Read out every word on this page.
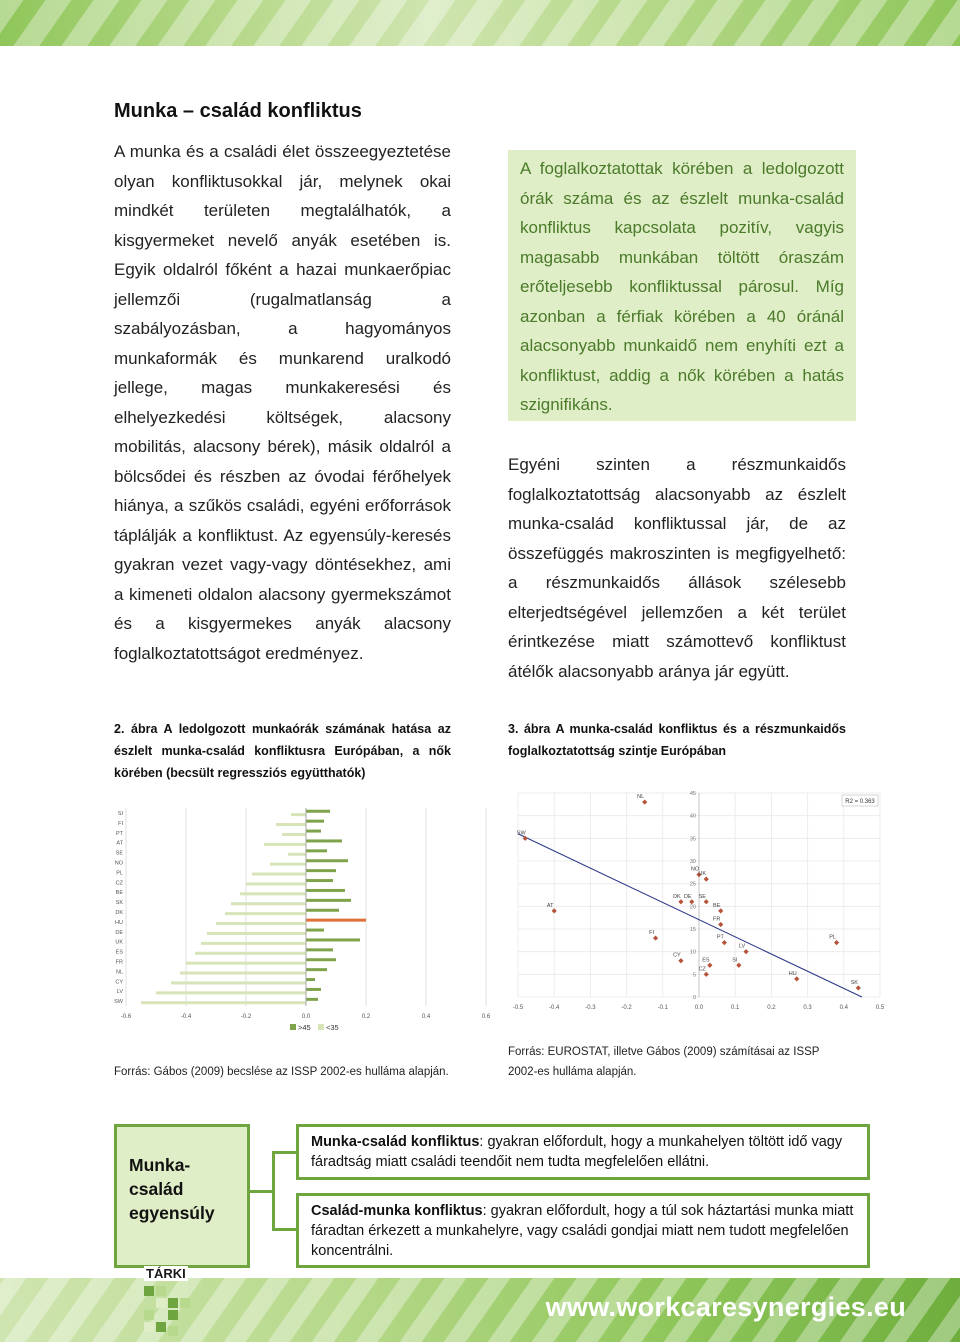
Munka – család konfliktus

A munka és a családi élet összeegyeztetése olyan konfliktusokkal jár, melynek okai mindkét területen megtalálhatók, a kisgyermeket nevelő anyák esetében is. Egyik oldalról főként a hazai munkaerőpiac jellemzői (rugalmatlanság a szabályozásban, a hagyományos munkaformák és munkarend uralkodó jellege, magas munkakeresési és elhelyezkedési költségek, alacsony mobilitás, alacsony bérek), másik oldalról a bölcsődei és részben az óvodai férőhelyek hiánya, a szűkös családi, egyéni erőforrások táplálják a konfliktust. Az egyensúly-keresés gyakran vezet vagy-vagy döntésekhez, ami a kimeneti oldalon alacsony gyermekszámot és a kisgyermekes anyák alacsony foglalkoztatottságot eredményez.

A foglalkoztatottak körében a ledolgozott órák száma és az észlelt munka-család konfliktus kapcsolata pozitív, vagyis magasabb munkában töltött óraszám erőteljesebb konfliktussal párosul. Míg azonban a férfiak körében a 40 óránál alacsonyabb munkaidő nem enyhíti ezt a konfliktust, addig a nők körében a hatás szignifikáns.

Egyéni szinten a részmunkaidős foglalkoztatottság alacsonyabb az észlelt munka-család konfliktussal jár, de az összefüggés makroszinten is megfigyelhető: a részmunkaidős állások szélesebb elterjedtségével jellemzően a két terület érintkezése miatt számottevő konfliktust átélők alacsonyabb aránya jár együtt.

2. ábra A ledolgozott munkaórák számának hatása az észlelt munka-család konfliktusra Európában, a nők körében (becsült regressziós együtthatók)

3. ábra A munka-család konfliktus és a részmunkaidős foglalkoztatottság szintje Európában

-0.6	-0.4	-0.2	0.0	0.2	0.4	0.6
SI
FI
PT
AT
SE
NO
PL
CZ
BE
SK
DK
HU
DE
UK
ES
FR
NL
CY
LV
SW
>45 <35
-0.5	-0.4	-0.3	-0.2	-0.1	0.0	0.1	0.2	0.3	0.4	0.5
0
5
10
15
20
25
30
35
40
45
NL
SW
NO
UK
AT
DK DE SE
BE
FR
FI
PT	PL
CY
LV
ES	SI
CZ
HU
SK
R2 = 0.363

Forrás: Gábos (2009) becslése az ISSP 2002-es hulláma alapján.

Forrás: EUROSTAT, illetve Gábos (2009) számításai az ISSP 2002-es hulláma alapján.

Munka-család egyensúly
Munka-család konfliktus: gyakran előfordult, hogy a munkahelyen töltött idő vagy fáradtság miatt családi teendőit nem tudta megfelelően ellátni.
Család-munka konfliktus: gyakran előfordult, hogy a túl sok háztartási munka miatt fáradtan érkezett a munkahelyre, vagy családi gondjai miatt nem tudott megfelelően koncentrálni.
www.workcaresynergies.eu
TÁRKI
